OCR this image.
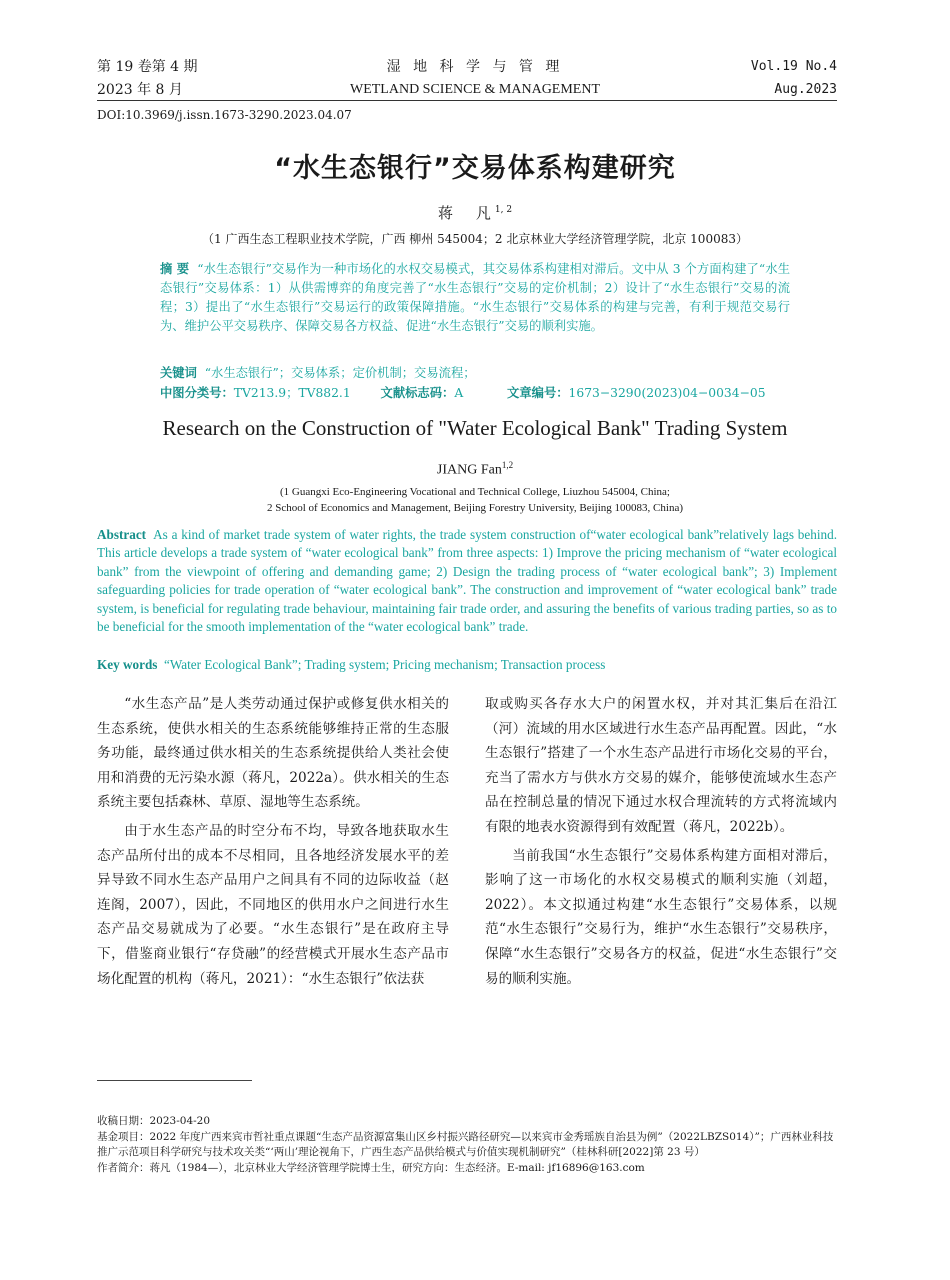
第 19 卷第 4 期
2023 年 8 月
湿 地 科 学 与 管 理
WETLAND SCIENCE & MANAGEMENT
Vol.19 No.4
Aug.2023
DOI:10.3969/j.issn.1673-3290.2023.04.07
“水生态银行”交易体系构建研究
蒋　凡$^{1, 2}$
（1 广西生态工程职业技术学院，广西 柳州 545004；2 北京林业大学经济管理学院，北京 100083）
摘 要 “水生态银行”交易作为一种市场化的水权交易模式，其交易体系构建相对滞后。文中从 3 个方面构建了“水生态银行”交易体系：1）从供需博弈的角度完善了“水生态银行”交易的定价机制；2）设计了“水生态银行”交易的流程；3）提出了“水生态银行”交易运行的政策保障措施。“水生态银行”交易体系的构建与完善，有利于规范交易行为、维护公平交易秩序、保障交易各方权益、促进“水生态银行”交易的顺利实施。
关键词 “水生态银行”；交易体系；定价机制；交易流程；
中图分类号：TV213.9；TV882.1 文献标志码：A	文章编号：1673−3290(2023)04−0034−05
Research on the Construction of "Water Ecological Bank" Trading System
JIANG Fan$^{1,2}$
(1 Guangxi Eco-Engineering Vocational and Technical College, Liuzhou 545004, China;
2 School of Economics and Management, Beijing Forestry University, Beijing 100083, China)
Abstract As a kind of market trade system of water rights, the trade system construction of“water ecological bank”relatively lags behind. This article develops a trade system of “water ecological bank” from three aspects: 1) Improve the pricing mechanism of “water ecological bank” from the viewpoint of offering and demanding game; 2) Design the trading process of “water ecological bank”; 3) Implement safeguarding policies for trade operation of “water ecological bank”. The construction and improvement of “water ecological bank” trade system, is beneficial for regulating trade behaviour, maintaining fair trade order, and assuring the benefits of various trading parties, so as to be beneficial for the smooth implementation of the “water ecological bank” trade.
Key words “Water Ecological Bank”; Trading system; Pricing mechanism; Transaction process

“水生态产品”是人类劳动通过保护或修复供水相关的生态系统，使供水相关的生态系统能够维持正常的生态服务功能，最终通过供水相关的生态系统提供给人类社会使用和消费的无污染水源（蒋凡，2022a）。供水相关的生态系统主要包括森林、草原、湿地等生态系统。

由于水生态产品的时空分布不均，导致各地获取水生态产品所付出的成本不尽相同，且各地经济发展水平的差异导致不同水生态产品用户之间具有不同的边际收益（赵连阁，2007），因此，不同地区的供用水户之间进行水生态产品交易就成为了必要。“水生态银行”是在政府主导下，借鉴商业银行“存贷融”的经营模式开展水生态产品市场化配置的机构（蒋凡，2021）：“水生态银行”依法获

取或购买各存水大户的闲置水权，并对其汇集后在沿江（河）流域的用水区域进行水生态产品再配置。因此，“水生态银行”搭建了一个水生态产品进行市场化交易的平台，充当了需水方与供水方交易的媒介，能够使流域水生态产品在控制总量的情况下通过水权合理流转的方式将流域内有限的地表水资源得到有效配置（蒋凡，2022b）。

当前我国“水生态银行”交易体系构建方面相对滞后，影响了这一市场化的水权交易模式的顺利实施（刘超，2022）。本文拟通过构建“水生态银行”交易体系，以规范“水生态银行”交易行为，维护“水生态银行”交易秩序，保障“水生态银行”交易各方的权益，促进“水生态银行”交易的顺利实施。

收稿日期：2023-04-20
基金项目：2022 年度广西来宾市哲社重点课题“生态产品资源富集山区乡村振兴路径研究—以来宾市金秀瑶族自治县为例”（2022LBZS014）”；广西林业科技推广示范项目科学研究与技术攻关类“‘两山’理论视角下，广西生态产品供给模式与价值实现机制研究”（桂林科研[2022]第 23 号）
作者简介：蒋凡（1984—），北京林业大学经济管理学院博士生，研究方向：生态经济。E-mail: jf16896@163.com
